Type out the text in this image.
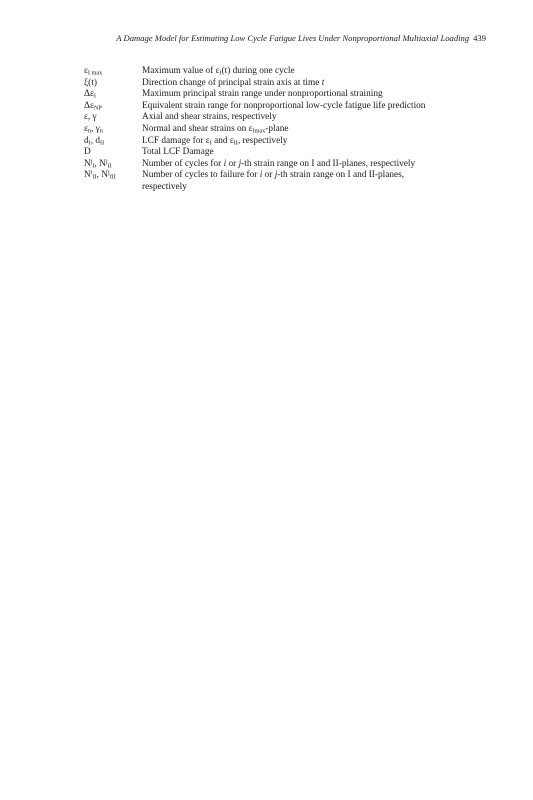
A Damage Model for Estimating Low Cycle Fatigue Lives Under Nonproportional Multiaxial Loading 439
$\varepsilon_{I max}$	Maximum value of $\varepsilon_I(t)$ during one cycle
ξ(t)	Direction change of principal strain axis at time t
$\Delta\varepsilon_I$	Maximum principal strain range under nonproportional straining
$\Delta\varepsilon_{NP}$	Equivalent strain range for nonproportional low-cycle fatigue life prediction
ε, γ	Axial and shear strains, respectively
$\varepsilon_n$, $\gamma_n$	Normal and shear strains on $\varepsilon_{Imax}$-plane
$d_I$, $d_{II}$	LCF damage for $\varepsilon_I$ and $\varepsilon_{II}$, respectively
D	Total LCF Damage
$N^j_I$, $N^j_{II}$	Number of cycles for i or j-th strain range on I and II-planes, respectively
$N^i_{fI}$, $N^j_{fII}$	Number of cycles to failure for i or j-th strain range on I and II-planes,
respectively
